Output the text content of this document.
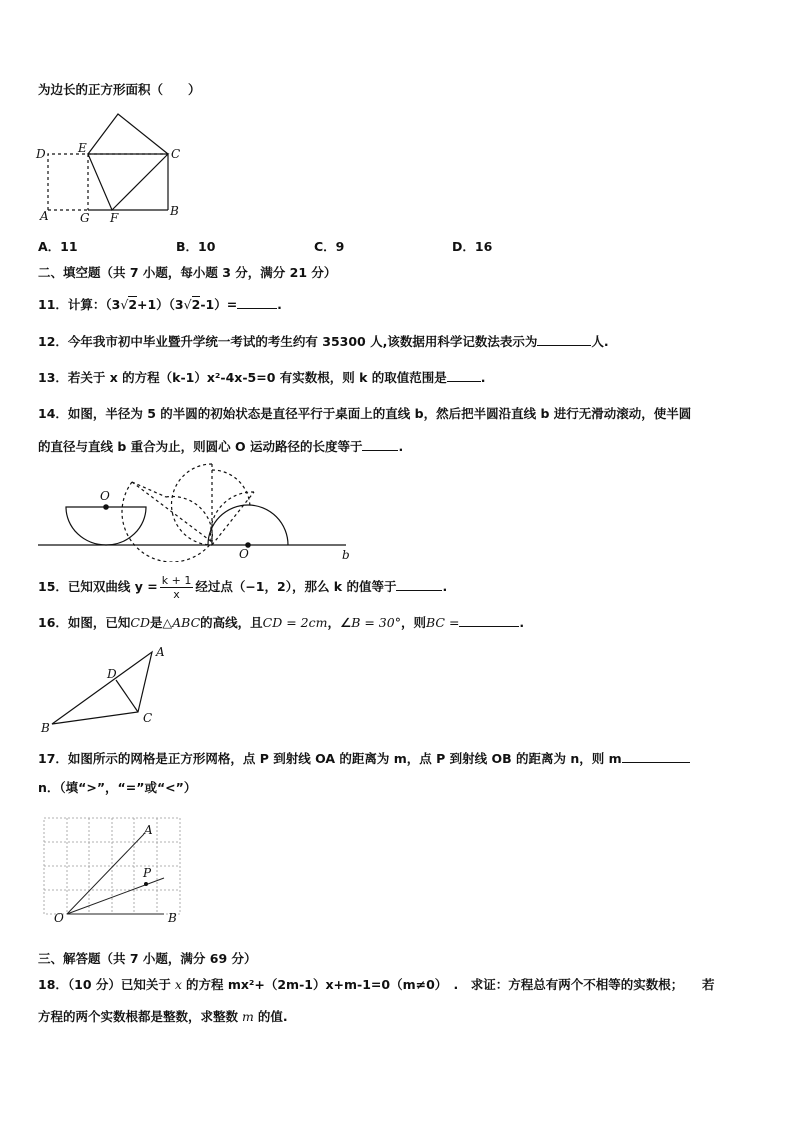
为边长的正方形面积（　　）
D	E	C
A	G F	B
A．11	B．10	C．9	D．16
二、填空题（共 7 小题，每小题 3 分，满分 21 分）
11．计算：（3√2+1）（3√2-1）=	.
12．今年我市初中毕业暨升学统一考试的考生约有 35300 人,该数据用科学记数法表示为	人.
13．若关于 x 的方程（k-1）x²-4x-5=0 有实数根，则 k 的取值范围是	.
14．如图，半径为 5 的半圆的初始状态是直径平行于桌面上的直线 b，然后把半圆沿直线 b 进行无滑动滚动，使半圆
的直径与直线 b 重合为止，则圆心 O 运动路径的长度等于	.
O
O	b
15．已知双曲线 $y = \frac{k + 1}{x}$ 经过点（−1，2），那么 k 的值等于	.
16．如图，已知CD是△ABC的高线，且CD = 2cm，∠B = 30°，则BC =	.
B
A
C
D
17．如图所示的网格是正方形网格，点 P 到射线 OA 的距离为 m，点 P 到射线 OB 的距离为 n，则 m
n．（填“>”，“=”或“<”）
O	B
A
P
三、解答题（共 7 小题，满分 69 分）
18．（10 分）已知关于 x 的方程 mx²+（2m-1）x+m-1=0（m≠0）　.　求证：方程总有两个不相等的实数根；　　若
方程的两个实数根都是整数，求整数 m 的值.
